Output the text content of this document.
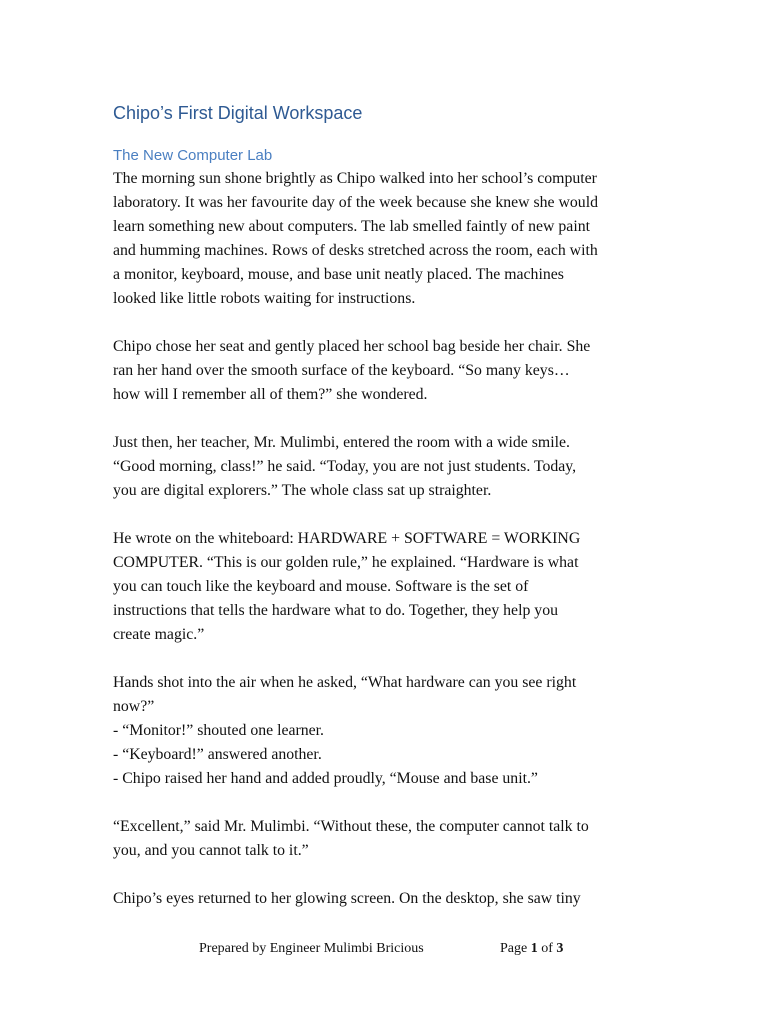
Chipo’s First Digital Workspace
The New Computer Lab

The morning sun shone brightly as Chipo walked into her school’s computer
laboratory. It was her favourite day of the week because she knew she would
learn something new about computers. The lab smelled faintly of new paint
and humming machines. Rows of desks stretched across the room, each with
a monitor, keyboard, mouse, and base unit neatly placed. The machines
looked like little robots waiting for instructions.

Chipo chose her seat and gently placed her school bag beside her chair. She
ran her hand over the smooth surface of the keyboard. “So many keys…
how will I remember all of them?” she wondered.

Just then, her teacher, Mr. Mulimbi, entered the room with a wide smile.
“Good morning, class!” he said. “Today, you are not just students. Today,
you are digital explorers.” The whole class sat up straighter.

He wrote on the whiteboard: HARDWARE + SOFTWARE = WORKING
COMPUTER. “This is our golden rule,” he explained. “Hardware is what
you can touch like the keyboard and mouse. Software is the set of
instructions that tells the hardware what to do. Together, they help you
create magic.”

Hands shot into the air when he asked, “What hardware can you see right
now?”
- “Monitor!” shouted one learner.
- “Keyboard!” answered another.
- Chipo raised her hand and added proudly, “Mouse and base unit.”

“Excellent,” said Mr. Mulimbi. “Without these, the computer cannot talk to
you, and you cannot talk to it.”

Chipo’s eyes returned to her glowing screen. On the desktop, she saw tiny

Prepared by Engineer Mulimbi Bricious	Page 1 of 3
